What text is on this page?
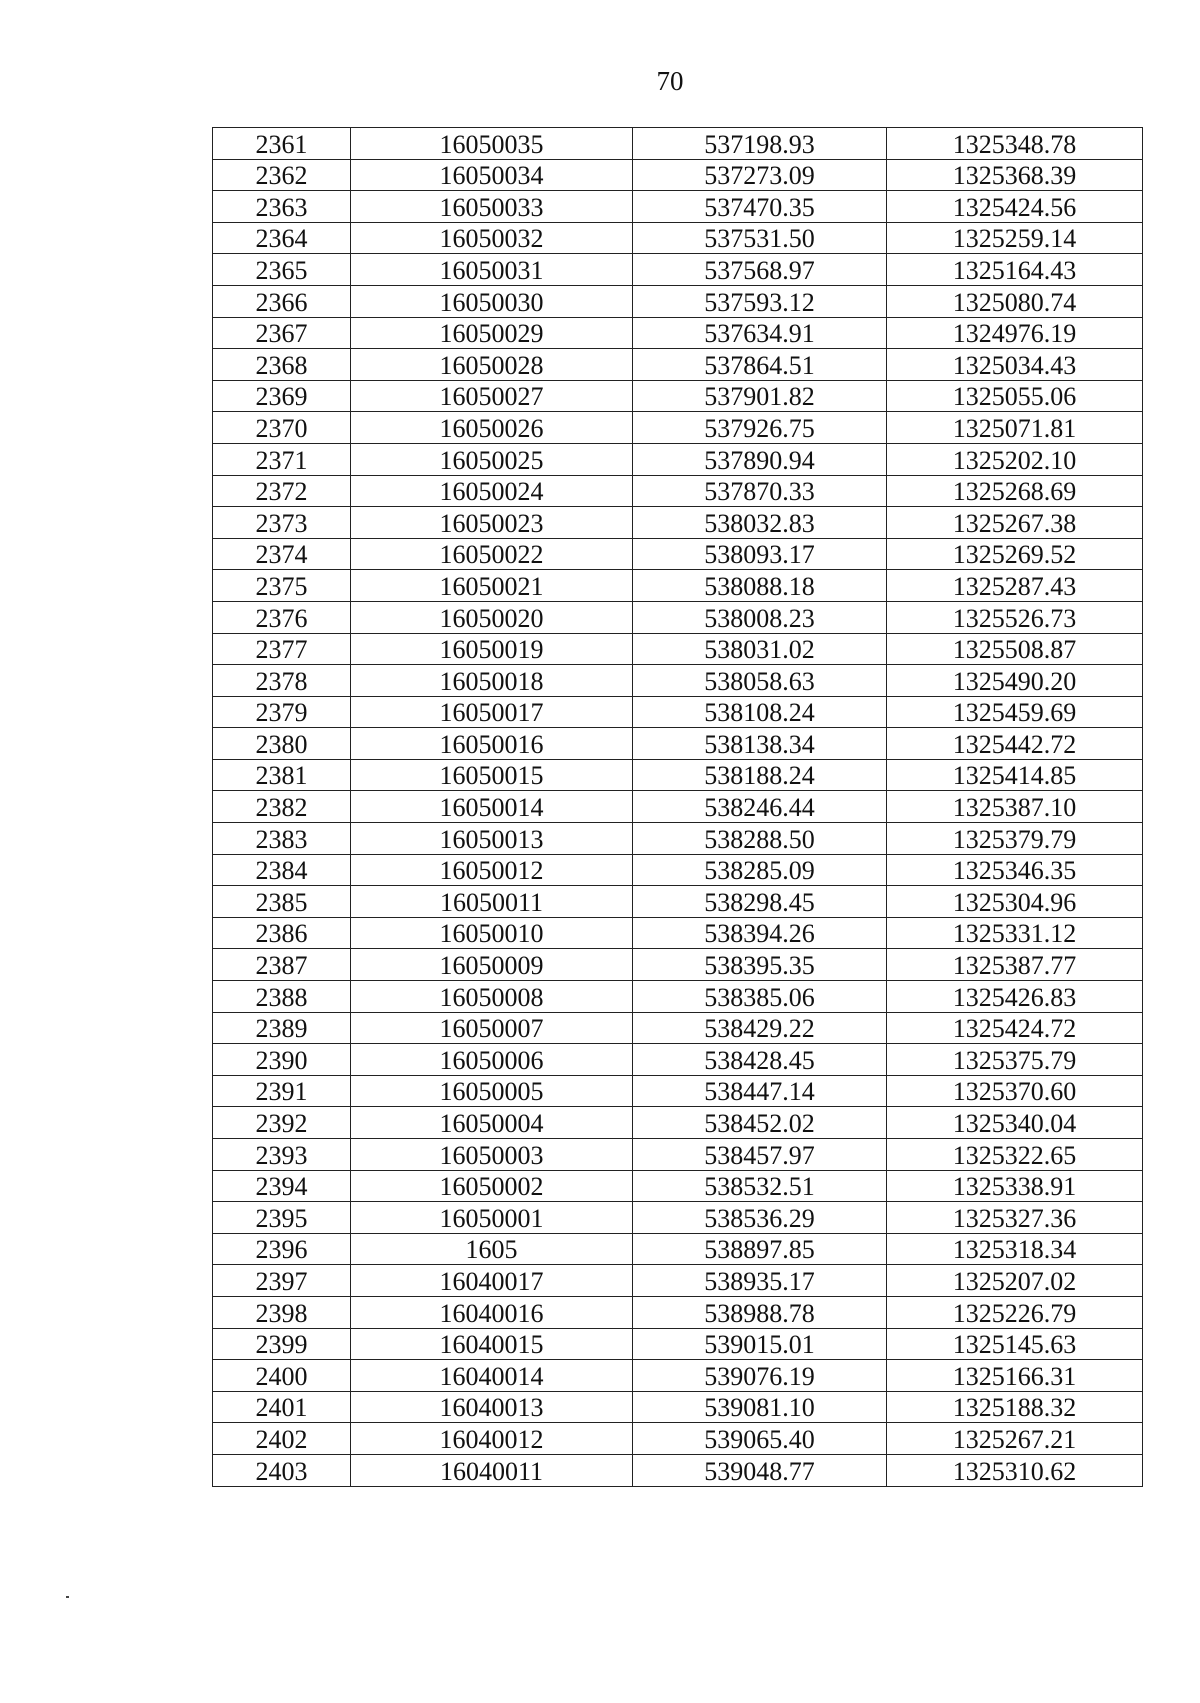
70
2361	16050035	537198.93	1325348.78
2362	16050034	537273.09	1325368.39
2363	16050033	537470.35	1325424.56
2364	16050032	537531.50	1325259.14
2365	16050031	537568.97	1325164.43
2366	16050030	537593.12	1325080.74
2367	16050029	537634.91	1324976.19
2368	16050028	537864.51	1325034.43
2369	16050027	537901.82	1325055.06
2370	16050026	537926.75	1325071.81
2371	16050025	537890.94	1325202.10
2372	16050024	537870.33	1325268.69
2373	16050023	538032.83	1325267.38
2374	16050022	538093.17	1325269.52
2375	16050021	538088.18	1325287.43
2376	16050020	538008.23	1325526.73
2377	16050019	538031.02	1325508.87
2378	16050018	538058.63	1325490.20
2379	16050017	538108.24	1325459.69
2380	16050016	538138.34	1325442.72
2381	16050015	538188.24	1325414.85
2382	16050014	538246.44	1325387.10
2383	16050013	538288.50	1325379.79
2384	16050012	538285.09	1325346.35
2385	16050011	538298.45	1325304.96
2386	16050010	538394.26	1325331.12
2387	16050009	538395.35	1325387.77
2388	16050008	538385.06	1325426.83
2389	16050007	538429.22	1325424.72
2390	16050006	538428.45	1325375.79
2391	16050005	538447.14	1325370.60
2392	16050004	538452.02	1325340.04
2393	16050003	538457.97	1325322.65
2394	16050002	538532.51	1325338.91
2395	16050001	538536.29	1325327.36
2396	1605	538897.85	1325318.34
2397	16040017	538935.17	1325207.02
2398	16040016	538988.78	1325226.79
2399	16040015	539015.01	1325145.63
2400	16040014	539076.19	1325166.31
2401	16040013	539081.10	1325188.32
2402	16040012	539065.40	1325267.21
2403	16040011	539048.77	1325310.62
